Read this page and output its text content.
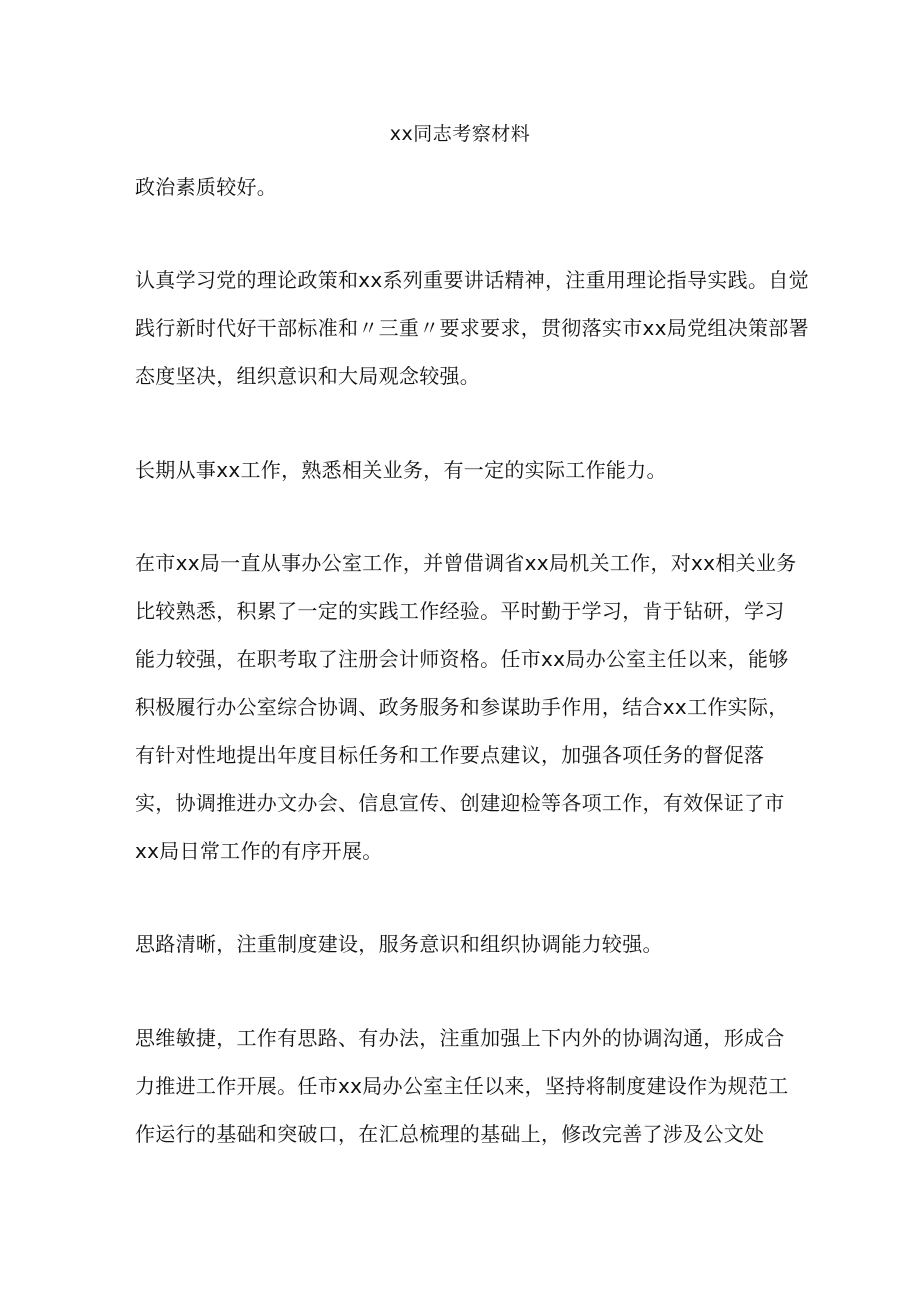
xx同志考察材料
政治素质较好。
认真学习党的理论政策和xx系列重要讲话精神，注重用理论指导实践。自觉
践行新时代好干部标准和〃三重〃要求要求，贯彻落实市xx局党组决策部署
态度坚决，组织意识和大局观念较强。
长期从事xx工作，熟悉相关业务，有一定的实际工作能力。
在市xx局一直从事办公室工作，并曾借调省xx局机关工作，对xx相关业务
比较熟悉，积累了一定的实践工作经验。平时勤于学习，肯于钻研，学习
能力较强，在职考取了注册会计师资格。任市xx局办公室主任以来，能够
积极履行办公室综合协调、政务服务和参谋助手作用，结合xx工作实际，
有针对性地提出年度目标任务和工作要点建议，加强各项任务的督促落
实，协调推进办文办会、信息宣传、创建迎检等各项工作，有效保证了市
xx局日常工作的有序开展。
思路清晰，注重制度建设，服务意识和组织协调能力较强。
思维敏捷，工作有思路、有办法，注重加强上下内外的协调沟通，形成合
力推进工作开展。任市xx局办公室主任以来，坚持将制度建设作为规范工
作运行的基础和突破口，在汇总梳理的基础上，修改完善了涉及公文处
